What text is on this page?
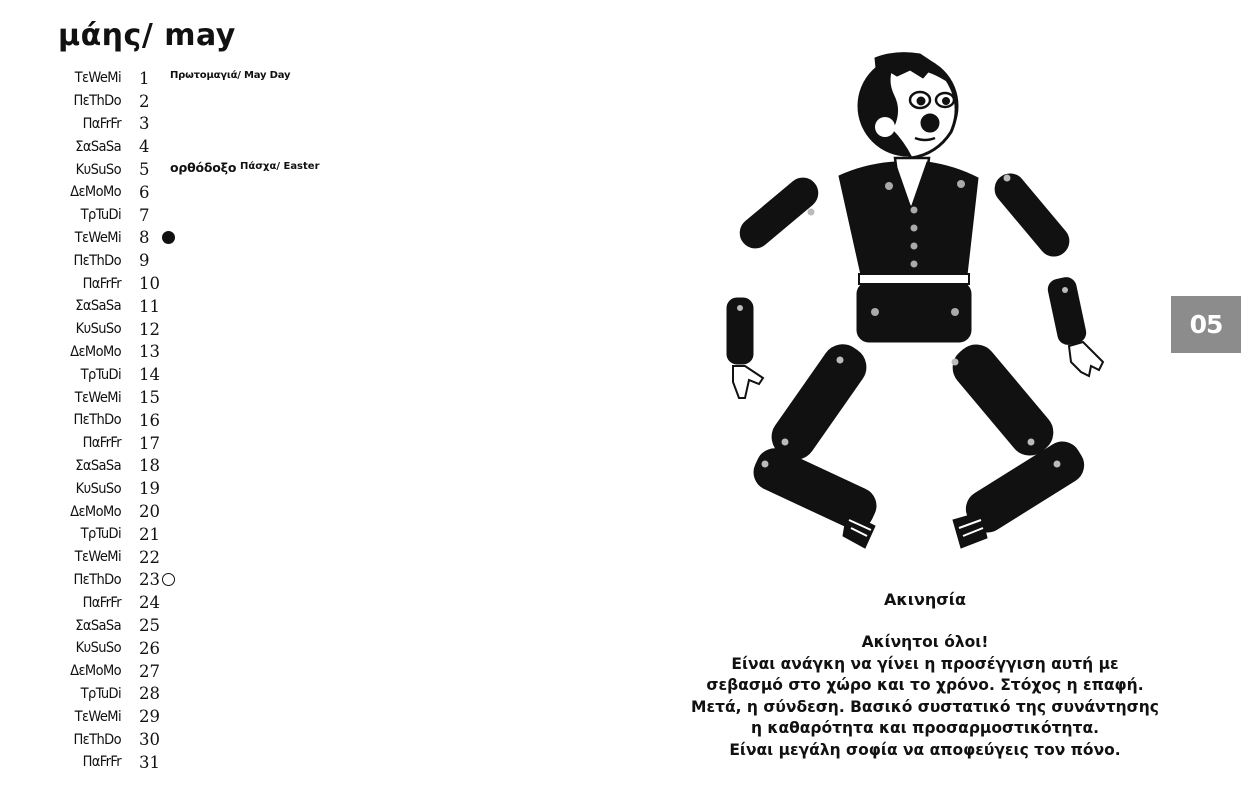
μάης/ may
ΤεWeMi 1	Πρωτομαγιά/ May Day
ΠεThDo 2
ΠαFrFr 3
ΣαSaSa 4
ΚυSuSo 5	ορθόδοξο Πάσχα/ Easter
ΔεMoMo 6
ΤρTuDi 7
ΤεWeMi 8
ΠεThDo 9
ΠαFrFr 10
ΣαSaSa 11
ΚυSuSo 12
ΔεMoMo 13
ΤρTuDi 14
ΤεWeMi 15
ΠεThDo 16
ΠαFrFr 17
ΣαSaSa 18
ΚυSuSo 19
ΔεMoMo 20
ΤρTuDi 21
ΤεWeMi 22
ΠεThDo 23
ΠαFrFr 24
ΣαSaSa 25
ΚυSuSo 26
ΔεMoMo 27
ΤρTuDi 28
ΤεWeMi 29
ΠεThDo 30
ΠαFrFr 31
05
Ακινησία
Ακίνητοι όλοι!
Είναι ανάγκη να γίνει η προσέγγιση αυτή με
σεβασμό στο χώρο και το χρόνο. Στόχος η επαφή.
Μετά, η σύνδεση. Βασικό συστατικό της συνάντησης
η καθαρότητα και προσαρμοστικότητα.
Είναι μεγάλη σοφία να αποφεύγεις τον πόνο.
